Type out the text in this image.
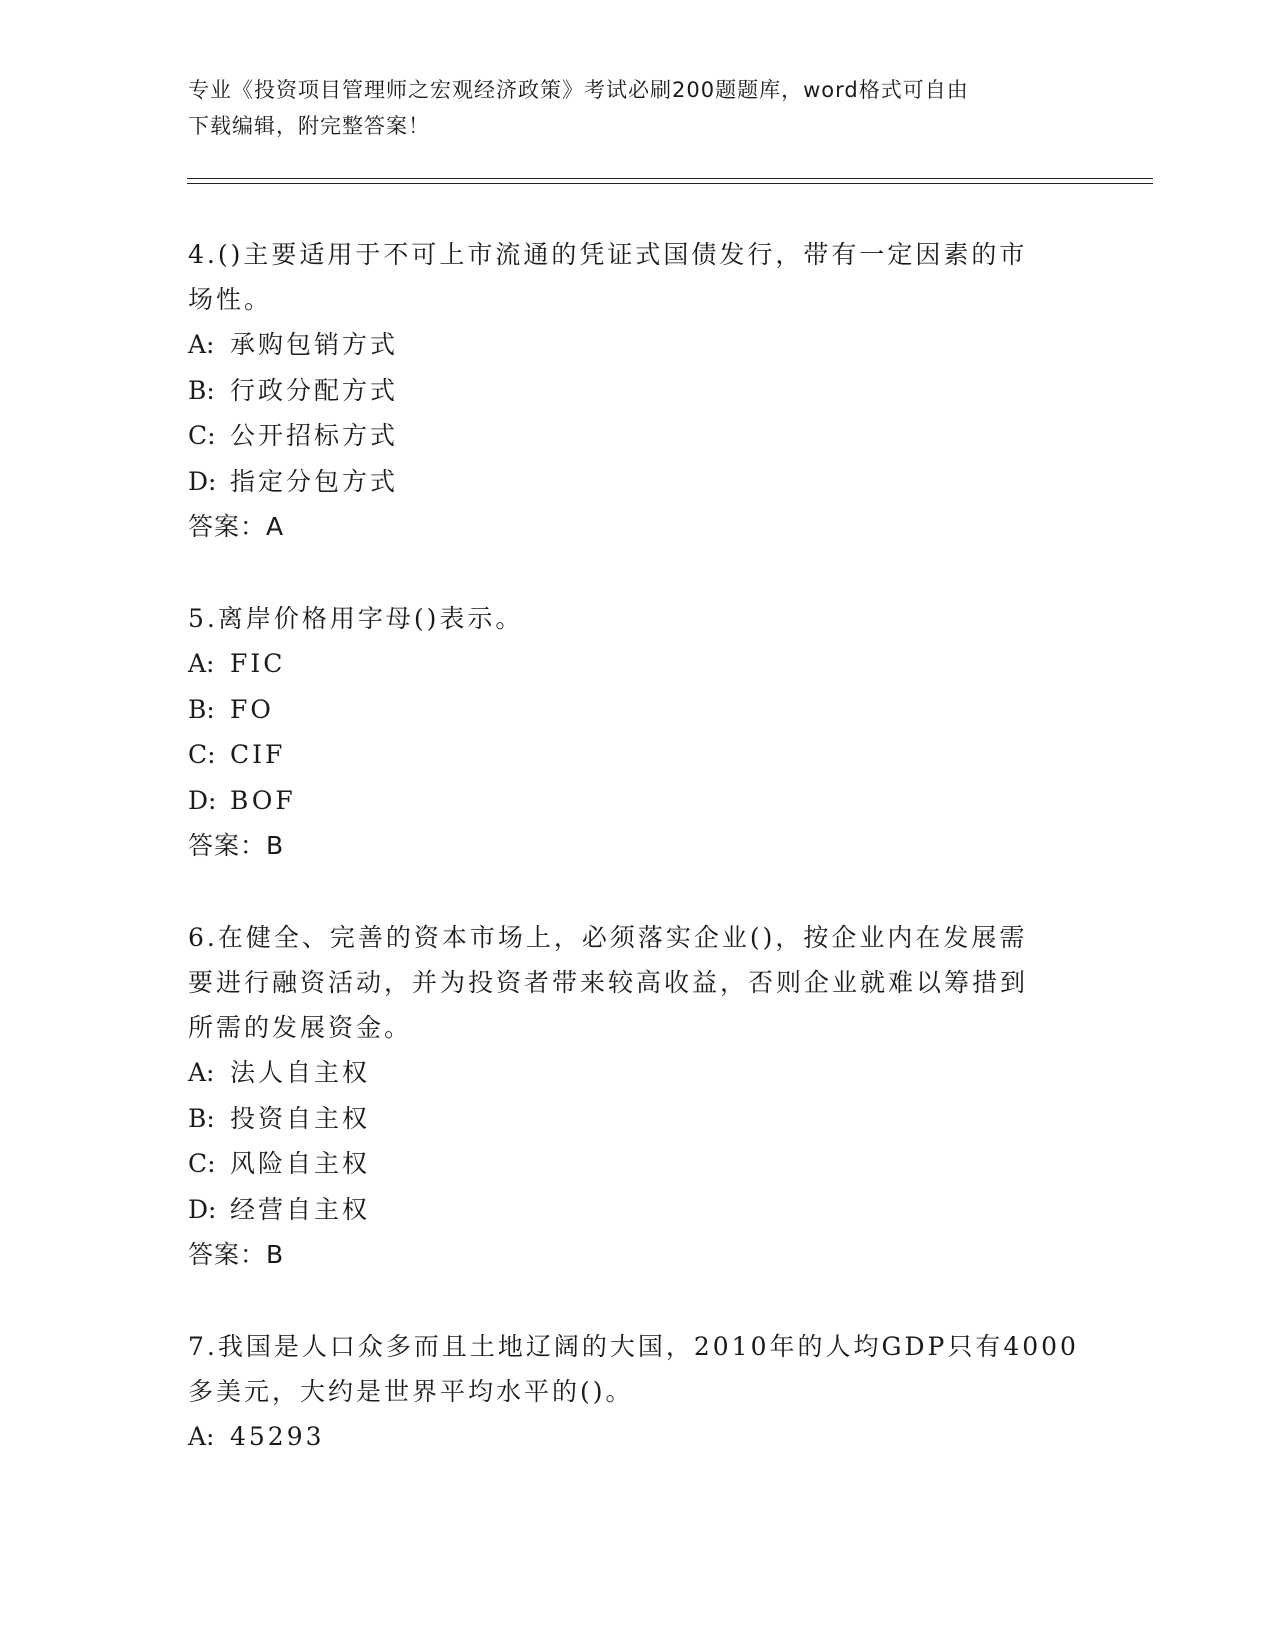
专业《投资项目管理师之宏观经济政策》考试必刷200题题库，word格式可自由
下载编辑，附完整答案！

4.()主要适用于不可上市流通的凭证式国债发行，带有一定因素的市

场性。

A: 承购包销方式

B: 行政分配方式

C: 公开招标方式

D: 指定分包方式

答案：A

5.离岸价格用字母()表示。

A: FIC

B: FO

C: CIF

D: BOF

答案：B

6.在健全、完善的资本市场上，必须落实企业()，按企业内在发展需

要进行融资活动，并为投资者带来较高收益，否则企业就难以筹措到

所需的发展资金。

A: 法人自主权

B: 投资自主权

C: 风险自主权

D: 经营自主权

答案：B

7.我国是人口众多而且土地辽阔的大国，2010年的人均GDP只有4000

多美元，大约是世界平均水平的()。

A: 45293
